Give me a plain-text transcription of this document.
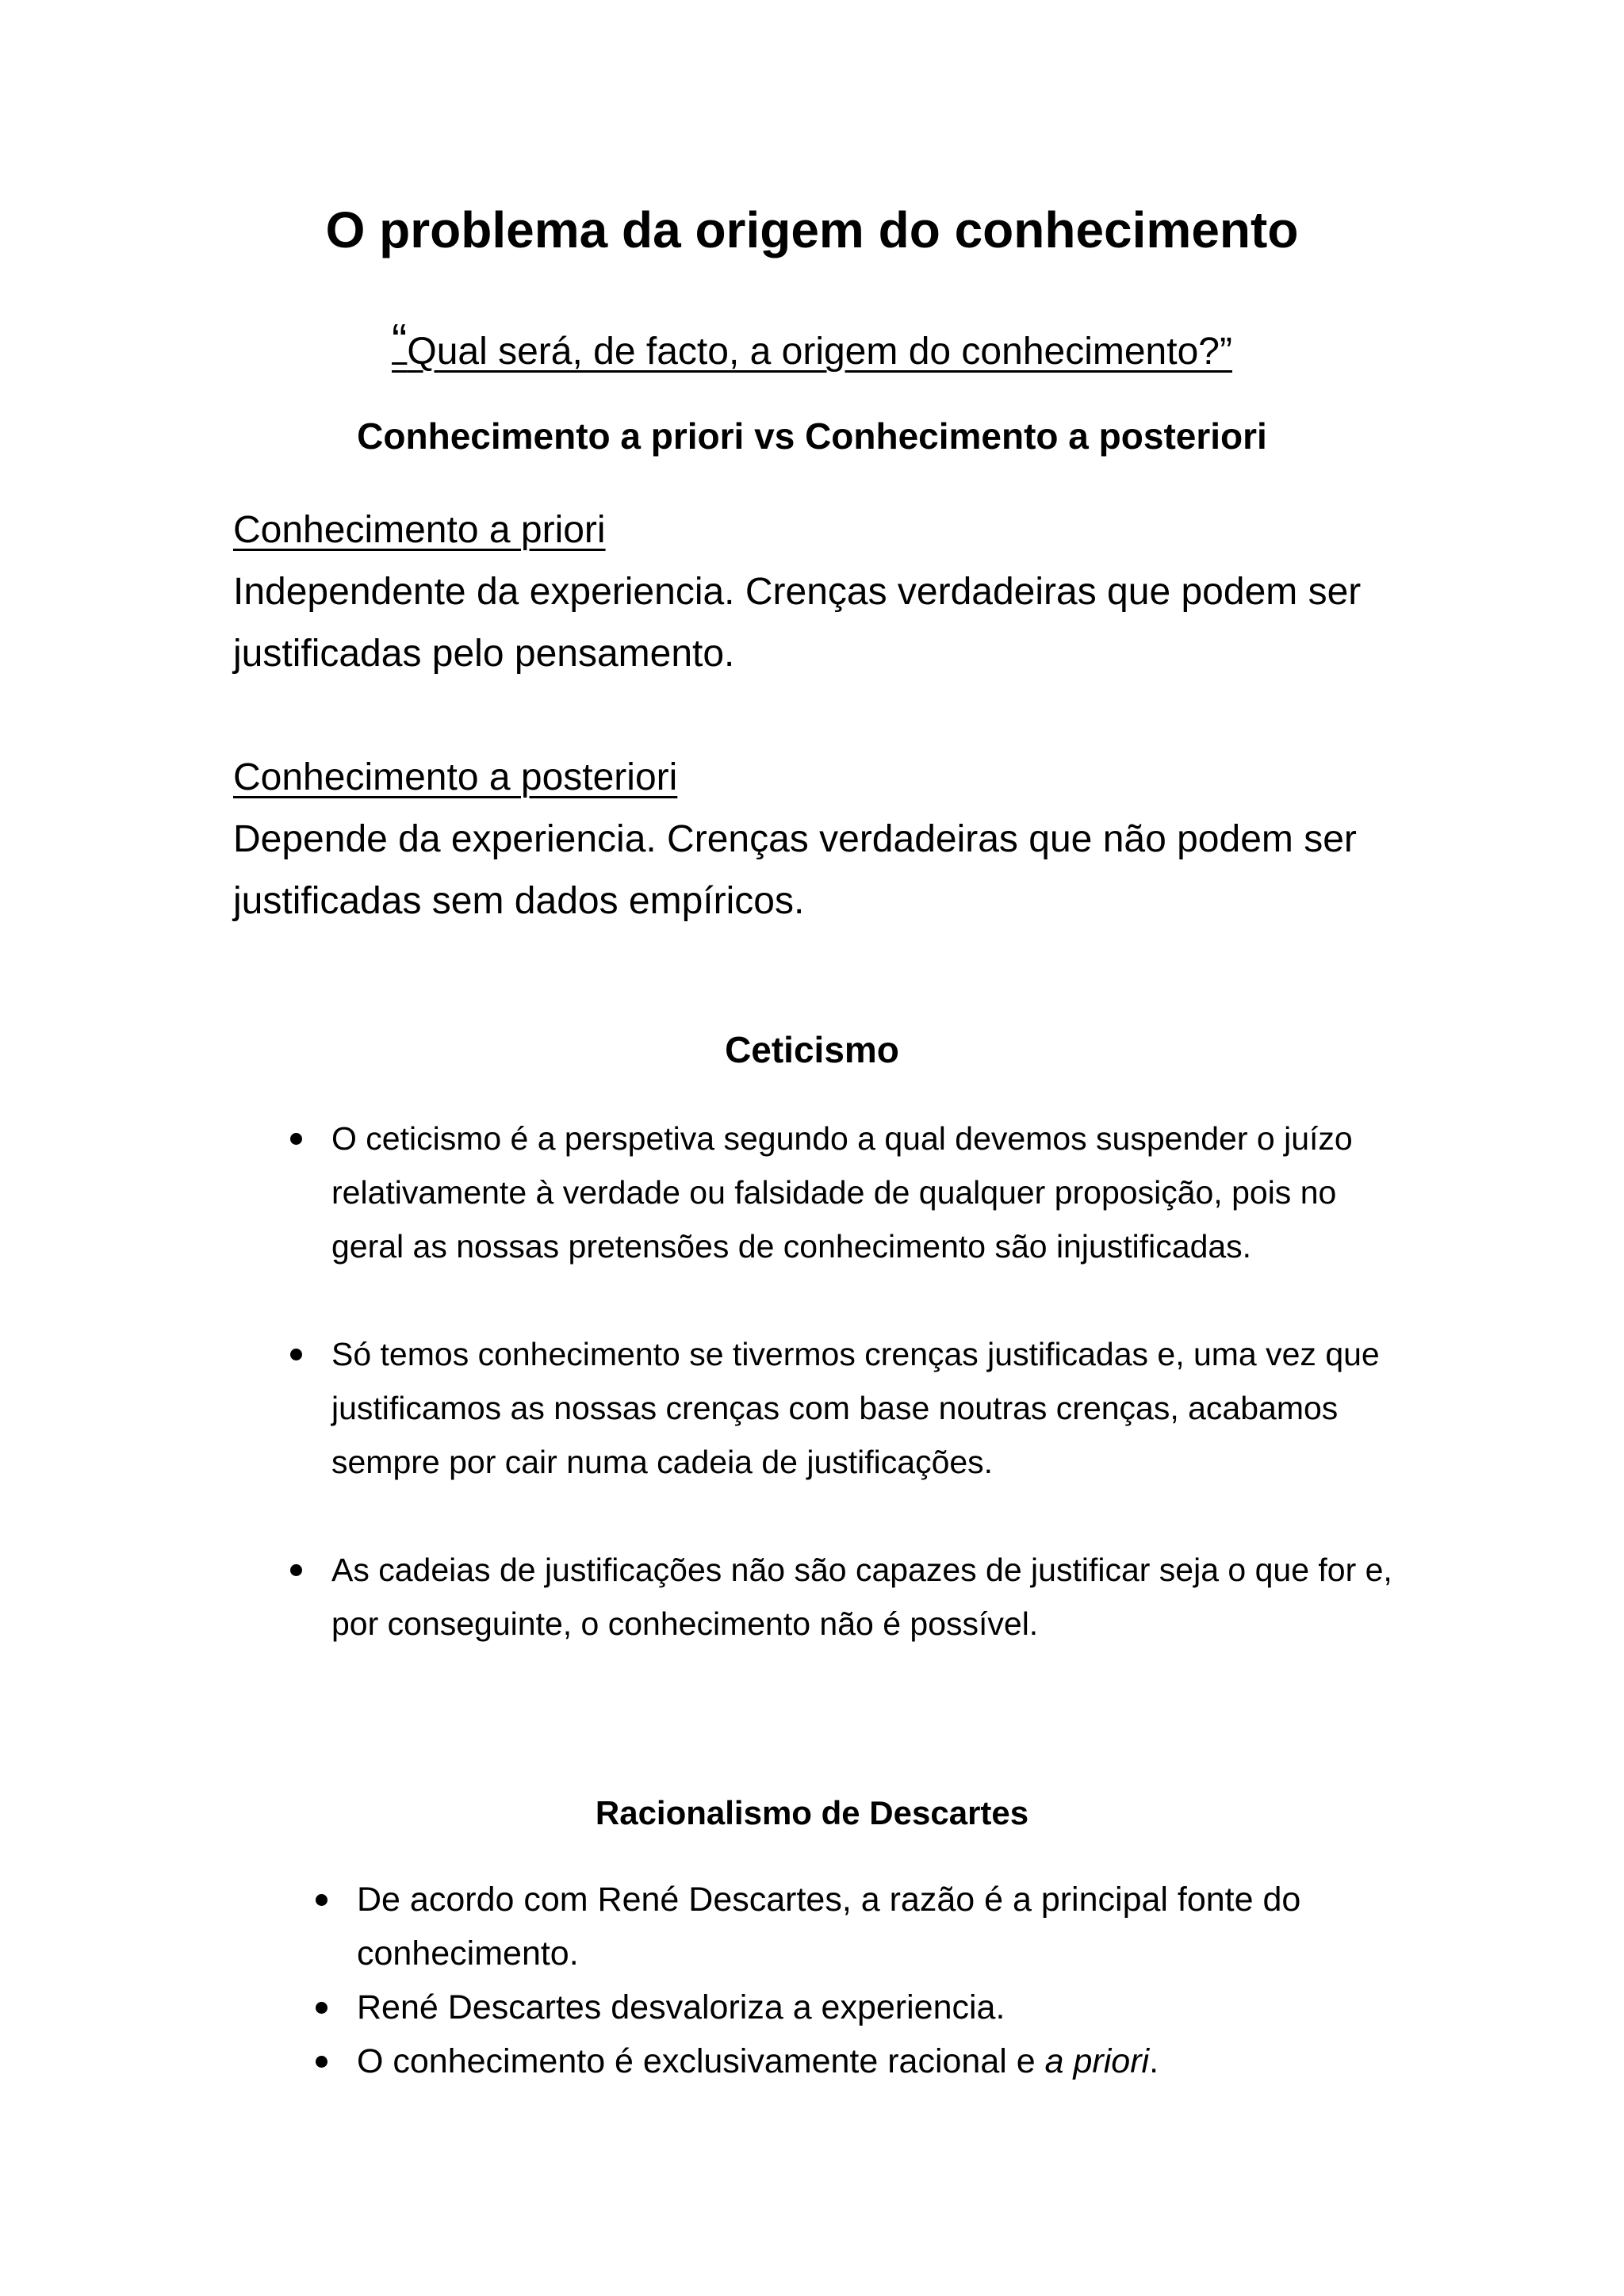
O problema da origem do conhecimento

“Qual será, de facto, a origem do conhecimento?”

Conhecimento a priori vs Conhecimento a posteriori
Conhecimento a priori
Independente da experiencia. Crenças verdadeiras que podem ser justificadas pelo pensamento.
Conhecimento a posteriori
Depende da experiencia. Crenças verdadeiras que não podem ser justificadas sem dados empíricos.
Ceticismo
O ceticismo é a perspetiva segundo a qual devemos suspender o juízo relativamente à verdade ou falsidade de qualquer proposição, pois no geral as nossas pretensões de conhecimento são injustificadas.
Só temos conhecimento se tivermos crenças justificadas e, uma vez que justificamos as nossas crenças com base noutras crenças, acabamos sempre por cair numa cadeia de justificações.
As cadeias de justificações não são capazes de justificar seja o que for e, por conseguinte, o conhecimento não é possível.
Racionalismo de Descartes
De acordo com René Descartes, a razão é a principal fonte do conhecimento.
René Descartes desvaloriza a experiencia.
O conhecimento é exclusivamente racional e a priori.
